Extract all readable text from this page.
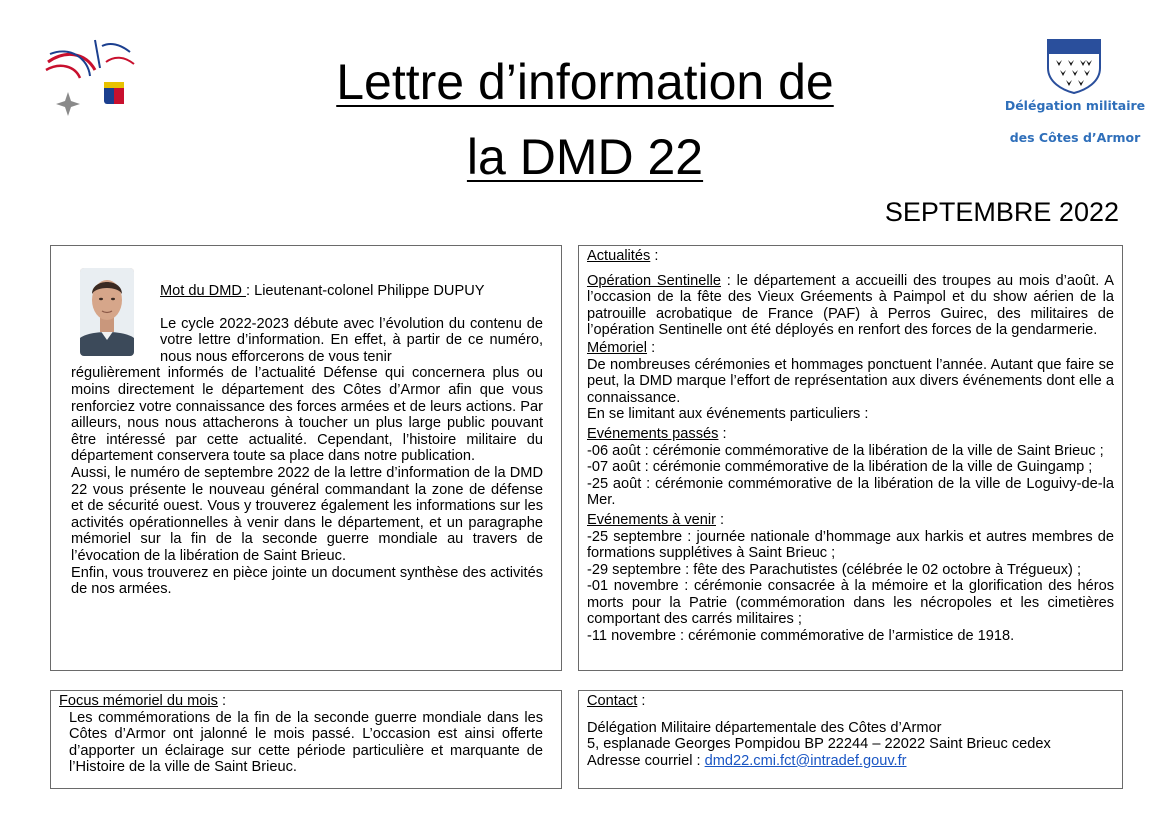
Lettre d’information de
la DMD 22
Délégation militaire
des Côtes d’Armor
SEPTEMBRE 2022

Mot du DMD : Lieutenant-colonel Philippe DUPUY

Le cycle 2022-2023 débute avec l’évolution du contenu de votre lettre d’information. En effet, à partir de ce numéro, nous nous efforcerons de vous tenir

régulièrement informés de l’actualité Défense qui concernera plus ou moins directement le département des Côtes d’Armor afin que vous renforciez votre connaissance des forces armées et de leurs actions. Par ailleurs, nous nous attacherons à toucher un plus large public pouvant être intéressé par cette actualité. Cependant, l’histoire militaire du département conservera toute sa place dans notre publication.

Aussi, le numéro de septembre 2022 de la lettre d’information de la DMD 22 vous présente le nouveau général commandant la zone de défense et de sécurité ouest. Vous y trouverez également les informations sur les activités opérationnelles à venir dans le département, et un paragraphe mémoriel sur la fin de la seconde guerre mondiale au travers de l’évocation de la libération de Saint Brieuc.

Enfin, vous trouverez en pièce jointe un document synthèse des activités de nos armées.

Actualités :

Opération Sentinelle : le département a accueilli des troupes au mois d’août. A l’occasion de la fête des Vieux Gréements à Paimpol et du show aérien de la patrouille acrobatique de France (PAF) à Perros Guirec, des militaires de l’opération Sentinelle ont été déployés en renfort des forces de la gendarmerie.

Mémoriel :

De nombreuses cérémonies et hommages ponctuent l’année. Autant que faire se peut, la DMD marque l’effort de représentation aux divers événements dont elle a connaissance.

En se limitant aux événements particuliers :

Evénements passés :

-06 août : cérémonie commémorative de la libération de la ville de Saint Brieuc ;

-07 août : cérémonie commémorative de la libération de la ville de Guingamp ;

-25 août : cérémonie commémorative de la libération de la ville de Loguivy-de-la Mer.

Evénements à venir :

-25 septembre : journée nationale d’hommage aux harkis et autres membres de formations supplétives à Saint Brieuc ;

-29 septembre : fête des Parachutistes (célébrée le 02 octobre à Trégueux) ;

-01 novembre : cérémonie consacrée à la mémoire et la glorification des héros morts pour la Patrie (commémoration dans les nécropoles et les cimetières comportant des carrés militaires ;

-11 novembre : cérémonie commémorative de l’armistice de 1918.

Focus mémoriel du mois :

Les commémorations de la fin de la seconde guerre mondiale dans les Côtes d’Armor ont jalonné le mois passé. L’occasion est ainsi offerte d’apporter un éclairage sur cette période particulière et marquante de l’Histoire de la ville de Saint Brieuc.

Contact :

Délégation Militaire départementale des Côtes d’Armor

5, esplanade Georges Pompidou BP 22244 – 22022 Saint Brieuc cedex

Adresse courriel : dmd22.cmi.fct@intradef.gouv.fr
